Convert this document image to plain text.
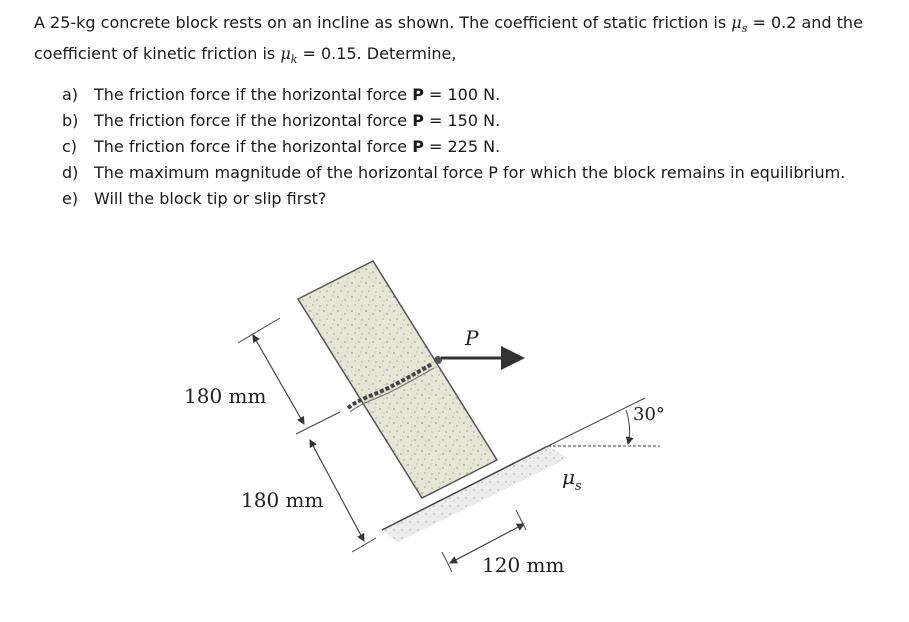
A 25-kg concrete block rests on an incline as shown. The coefficient of static friction is $\mu_s = 0.2$ and the
coefficient of kinetic friction is $\mu_k = 0.15$. Determine,
a) The friction force if the horizontal force P = 100 N.
b) The friction force if the horizontal force P = 150 N.
c) The friction force if the horizontal force P = 225 N.
d) The maximum magnitude of the horizontal force P for which the block remains in equilibrium.
e) Will the block tip or slip first?
P
180 mm
180 mm
120 mm
$\mu_s$
30°
